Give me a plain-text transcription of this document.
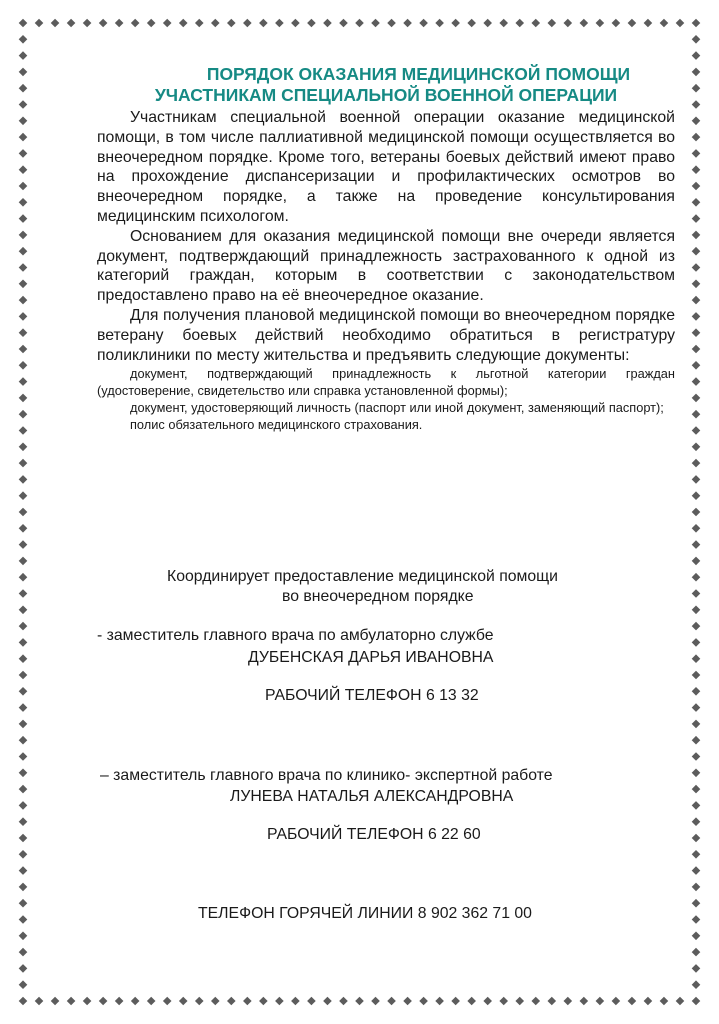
ПОРЯДОК ОКАЗАНИЯ МЕДИЦИНСКОЙ ПОМОЩИ
УЧАСТНИКАМ СПЕЦИАЛЬНОЙ ВОЕННОЙ ОПЕРАЦИИ

Участникам специальной военной операции оказание медицинской помощи, в том числе паллиативной медицинской помощи осуществляется во внеочередном порядке. Кроме того, ветераны боевых действий имеют право на прохождение диспансеризации и профилактических осмотров во внеочередном порядке, а также на проведение консультирования медицинским психологом.

Основанием для оказания медицинской помощи вне очереди является документ, подтверждающий принадлежность застрахованного к одной из категорий граждан, которым в соответствии с законодательством предоставлено право на её внеочередное оказание.

Для получения плановой медицинской помощи во внеочередном порядке ветерану боевых действий необходимо обратиться в регистратуру поликлиники по месту жительства и предъявить следующие документы:

документ, подтверждающий принадлежность к льготной категории граждан (удостоверение, свидетельство или справка установленной формы);

документ, удостоверяющий личность (паспорт или иной документ, заменяющий паспорт);

полис обязательного медицинского страхования.

Координирует предоставление медицинской помощи
во внеочередном порядке
- заместитель главного врача по амбулаторно службе
ДУБЕНСКАЯ ДАРЬЯ ИВАНОВНА
РАБОЧИЙ ТЕЛЕФОН 6 13 32
– заместитель главного врача по клинико- экспертной работе
ЛУНЕВА НАТАЛЬЯ АЛЕКСАНДРОВНА
РАБОЧИЙ ТЕЛЕФОН 6 22 60
ТЕЛЕФОН ГОРЯЧЕЙ ЛИНИИ 8 902 362 71 00
